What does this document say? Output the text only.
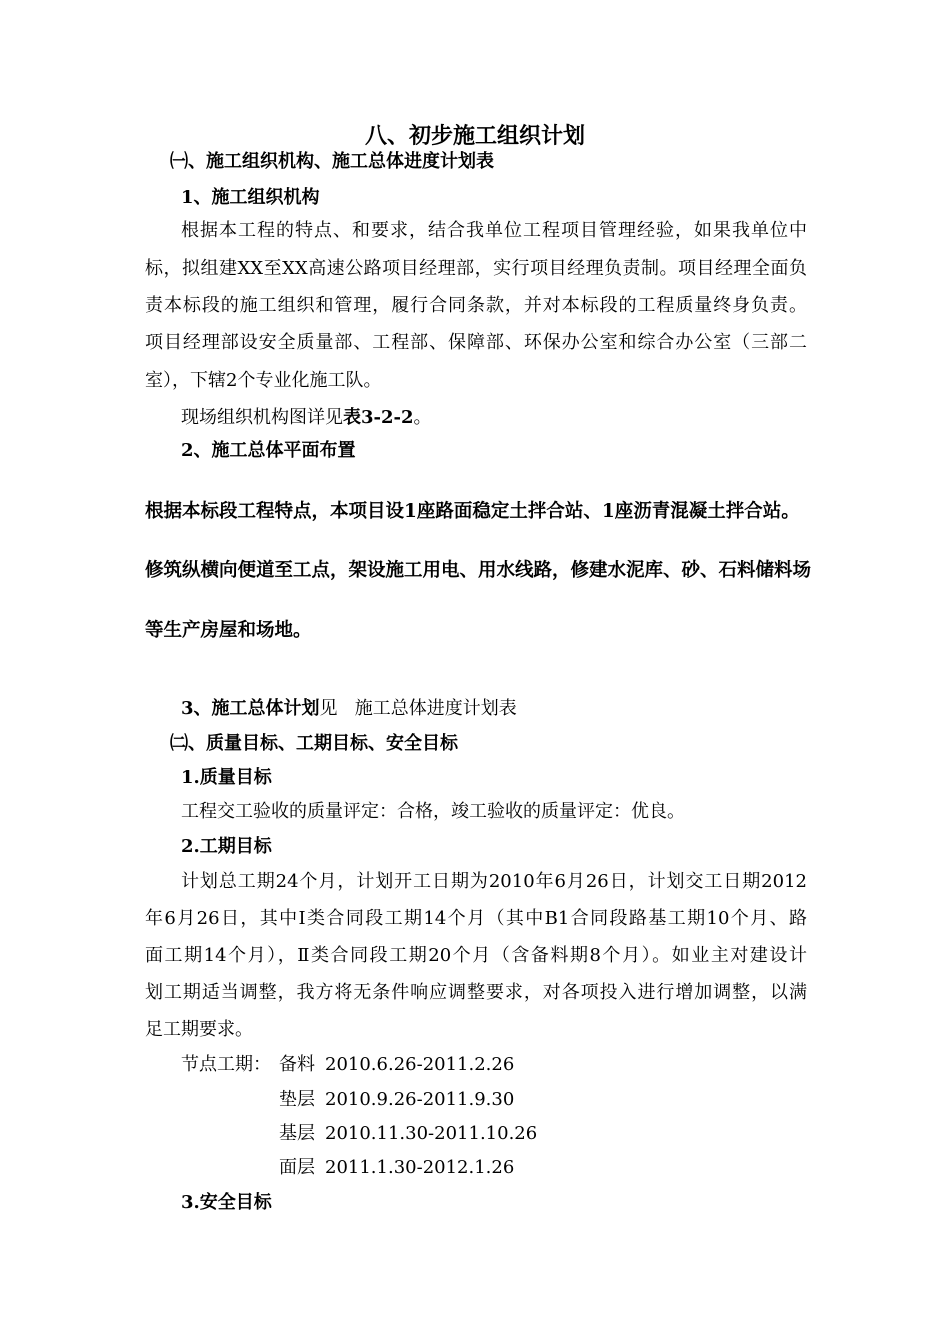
八、初步施工组织计划
㈠、施工组织机构、施工总体进度计划表
1、施工组织机构
根据本工程的特点、和要求，结合我单位工程项目管理经验，如果我单位中
标，拟组建XX至XX高速公路项目经理部，实行项目经理负责制。项目经理全面负
责本标段的施工组织和管理，履行合同条款，并对本标段的工程质量终身负责。
项目经理部设安全质量部、工程部、保障部、环保办公室和综合办公室（三部二
室），下辖2个专业化施工队。
现场组织机构图详见表3-2-2。
2、施工总体平面布置
根据本标段工程特点，本项目设1座路面稳定土拌合站、1座沥青混凝土拌合站。
修筑纵横向便道至工点，架设施工用电、用水线路，修建水泥库、砂、石料储料场
等生产房屋和场地。
3、施工总体计划见   施工总体进度计划表
㈡、质量目标、工期目标、安全目标
1.质量目标
工程交工验收的质量评定：合格，竣工验收的质量评定：优良。
2.工期目标
计划总工期24个月，计划开工日期为2010年6月26日，计划交工日期2012
年6月26日，其中Ⅰ类合同段工期14个月（其中B1合同段路基工期10个月、路
面工期14个月），Ⅱ类合同段工期20个月（含备料期8个月）。如业主对建设计
划工期适当调整，我方将无条件响应调整要求，对各项投入进行增加调整，以满
足工期要求。
节点工期： 备料 2010.6.26-2011.2.26
垫层 2010.9.26-2011.9.30
基层 2010.11.30-2011.10.26
面层 2011.1.30-2012.1.26
3.安全目标
